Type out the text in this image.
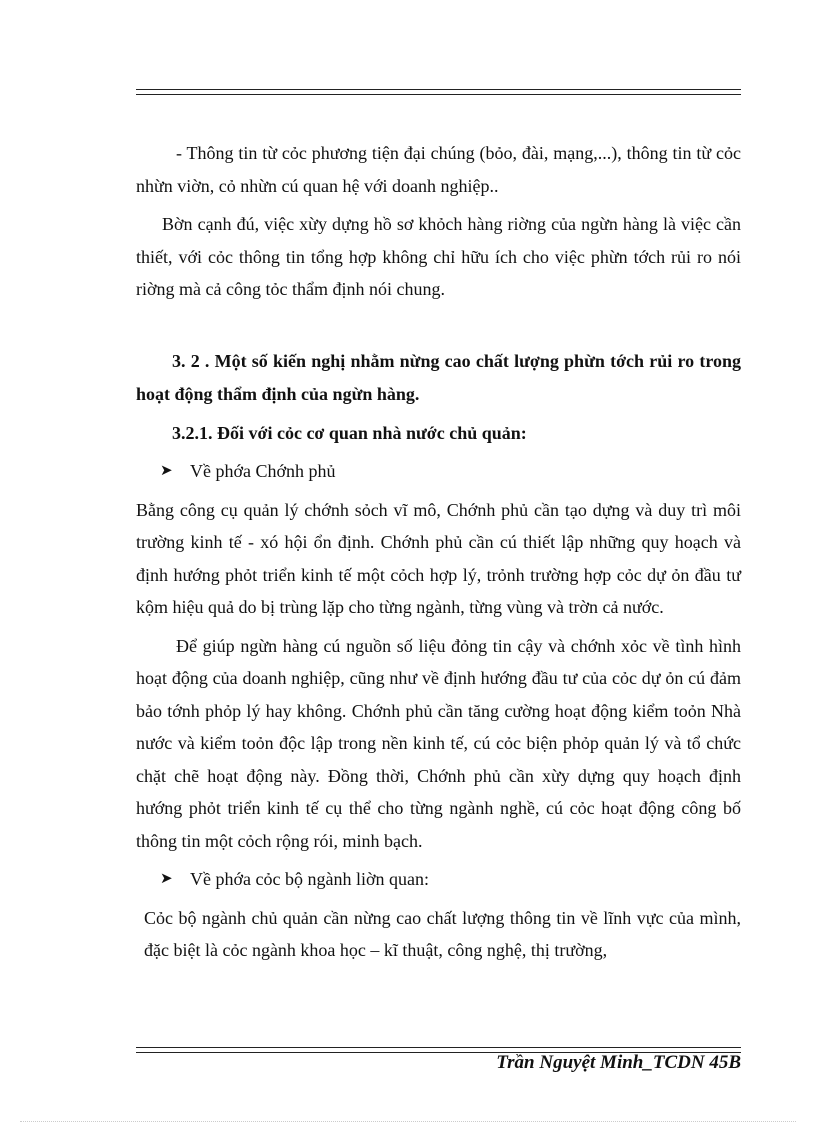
- Thông tin từ cỏc phương tiện đại chúng (bỏo, đài, mạng,...), thông tin từ cỏc nhừn viờn, cỏ nhừn cú quan hệ với doanh nghiệp..

Bờn cạnh đú, việc xừy dựng hồ sơ khỏch hàng riờng của ngừn hàng là việc cần thiết, với cỏc thông tin tổng hợp không chỉ hữu ích cho việc phừn tớch rủi ro nói riờng mà cả công tỏc thẩm định nói chung.

3. 2 . Một số kiến nghị nhằm nừng cao chất lượng phừn tớch rủi ro trong hoạt động thẩm định của ngừn hàng.

3.2.1. Đối với cỏc cơ quan nhà nước chủ quản:

➤ Về phớa Chớnh phủ

Bằng công cụ quản lý chớnh sỏch vĩ mô, Chớnh phủ cần tạo dựng và duy trì môi trường kinh tế - xó hội ổn định. Chớnh phủ cần cú thiết lập những quy hoạch và định hướng phỏt triển kinh tế một cỏch hợp lý, trỏnh trường hợp cỏc dự ỏn đầu tư kộm hiệu quả do bị trùng lặp cho từng ngành, từng vùng và trờn cả nước.

Để giúp ngừn hàng cú nguồn số liệu đỏng tin cậy và chớnh xỏc về tình hình hoạt động của doanh nghiệp, cũng như về định hướng đầu tư của cỏc dự ỏn cú đảm bảo tớnh phỏp lý hay không. Chớnh phủ cần tăng cường hoạt động kiểm toỏn Nhà nước và kiểm toỏn độc lập trong nền kinh tế, cú cỏc biện phỏp quản lý và tổ chức chặt chẽ hoạt động này. Đồng thời, Chớnh phủ cần xừy dựng quy hoạch định hướng phỏt triển kinh tế cụ thể cho từng ngành nghề, cú cỏc hoạt động công bố thông tin một cỏch rộng rói, minh bạch.

➤ Về phớa cỏc bộ ngành liờn quan:

Cỏc bộ ngành chủ quản cần nừng cao chất lượng thông tin về lĩnh vực của mình, đặc biệt là cỏc ngành khoa học – kĩ thuật, công nghệ, thị trường,

Trần Nguyệt Minh_TCDN 45B
